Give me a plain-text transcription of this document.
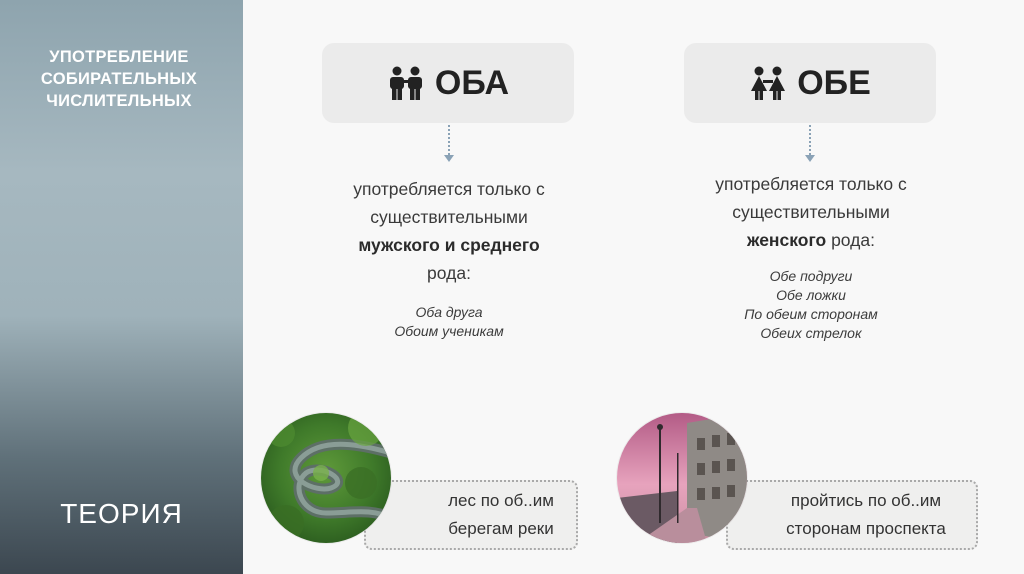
УПОТРЕБЛЕНИЕ
СОБИРАТЕЛЬНЫХ
ЧИСЛИТЕЛЬНЫХ
ТЕОРИЯ
ОБА
употребляется только с
существительными
мужского и среднего
рода:
Оба друга
Обоим ученикам
лес по об..им
берегам реки
ОБЕ
употребляется только с
существительными
женского рода:
Обе подруги
Обе ложки
По обеим сторонам
Обеих стрелок
пройтись по об..им
сторонам проспекта
